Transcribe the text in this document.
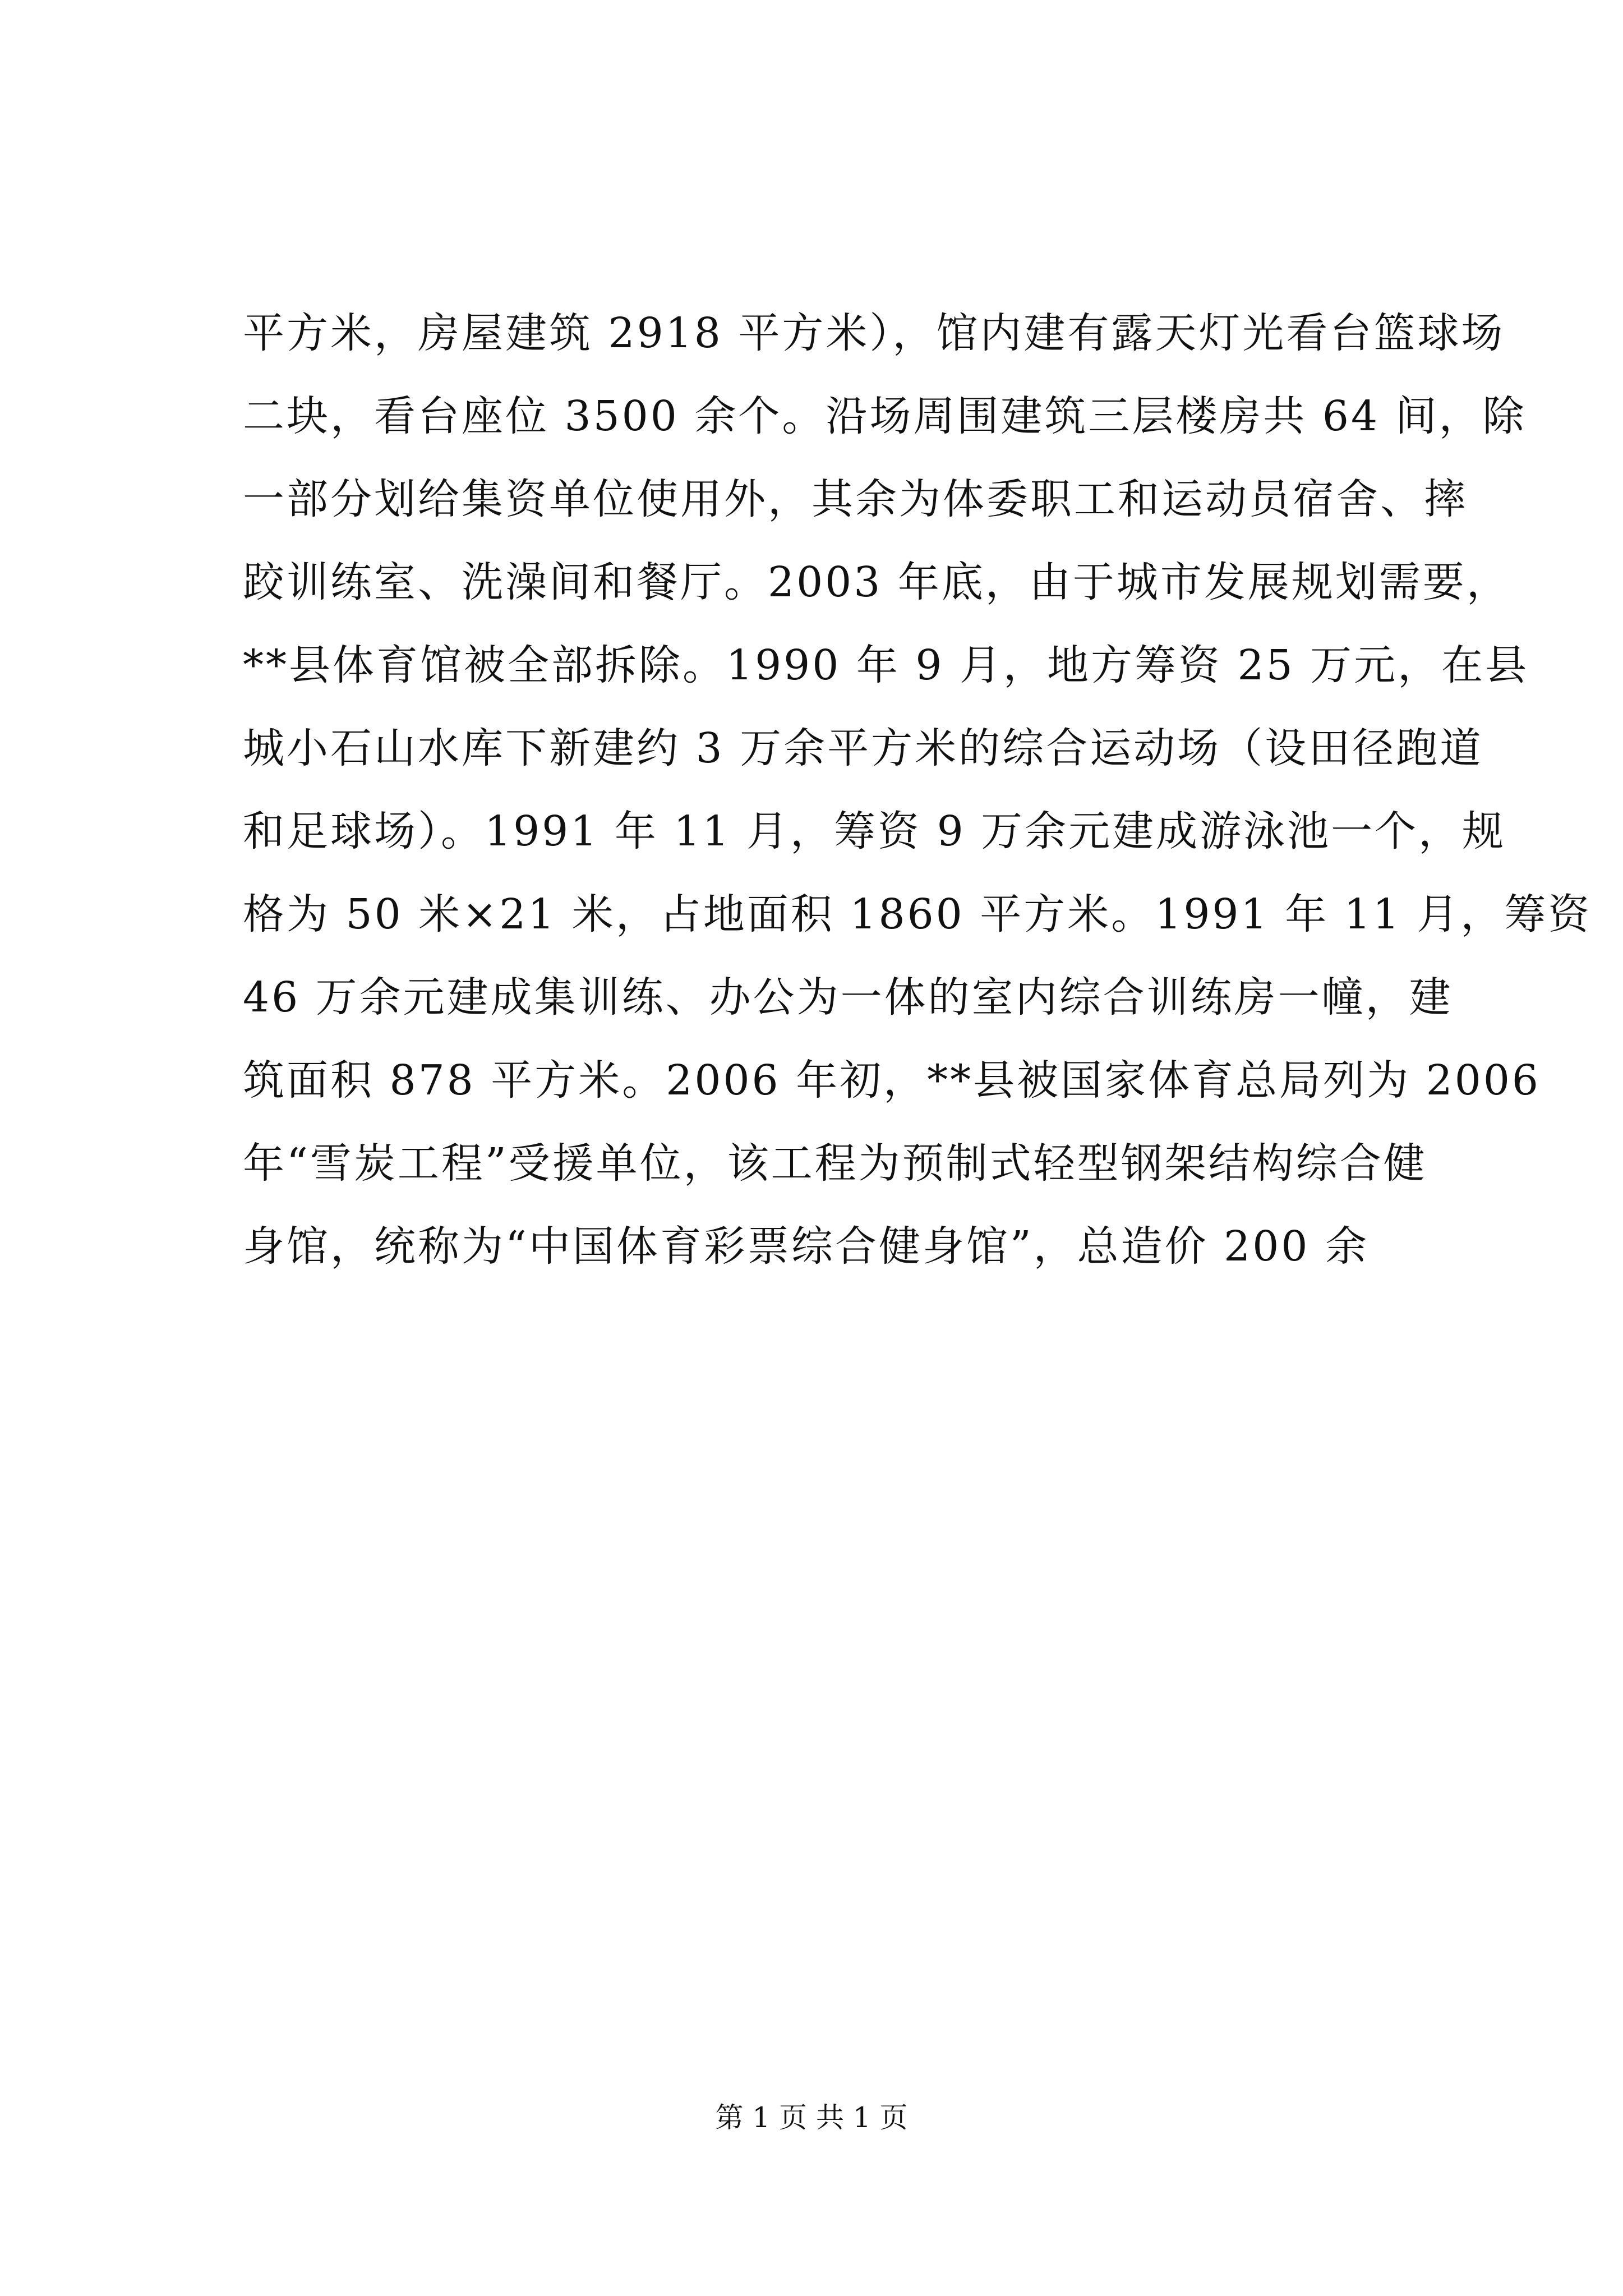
平方米，房屋建筑 2918 平方米），馆内建有露天灯光看台篮球场
二块，看台座位 3500 余个。沿场周围建筑三层楼房共 64 间，除
一部分划给集资单位使用外，其余为体委职工和运动员宿舍、摔
跤训练室、洗澡间和餐厅。2003 年底，由于城市发展规划需要，
**县体育馆被全部拆除。1990 年 9 月，地方筹资 25 万元，在县
城小石山水库下新建约 3 万余平方米的综合运动场（设田径跑道
和足球场）。1991 年 11 月，筹资 9 万余元建成游泳池一个，规
格为 50 米×21 米，占地面积 1860 平方米。1991 年 11 月，筹资
46 万余元建成集训练、办公为一体的室内综合训练房一幢，建
筑面积 878 平方米。2006 年初，**县被国家体育总局列为 2006
年“雪炭工程”受援单位，该工程为预制式轻型钢架结构综合健
身馆，统称为“中国体育彩票综合健身馆”，总造价 200 余
第 1 页 共 1 页
